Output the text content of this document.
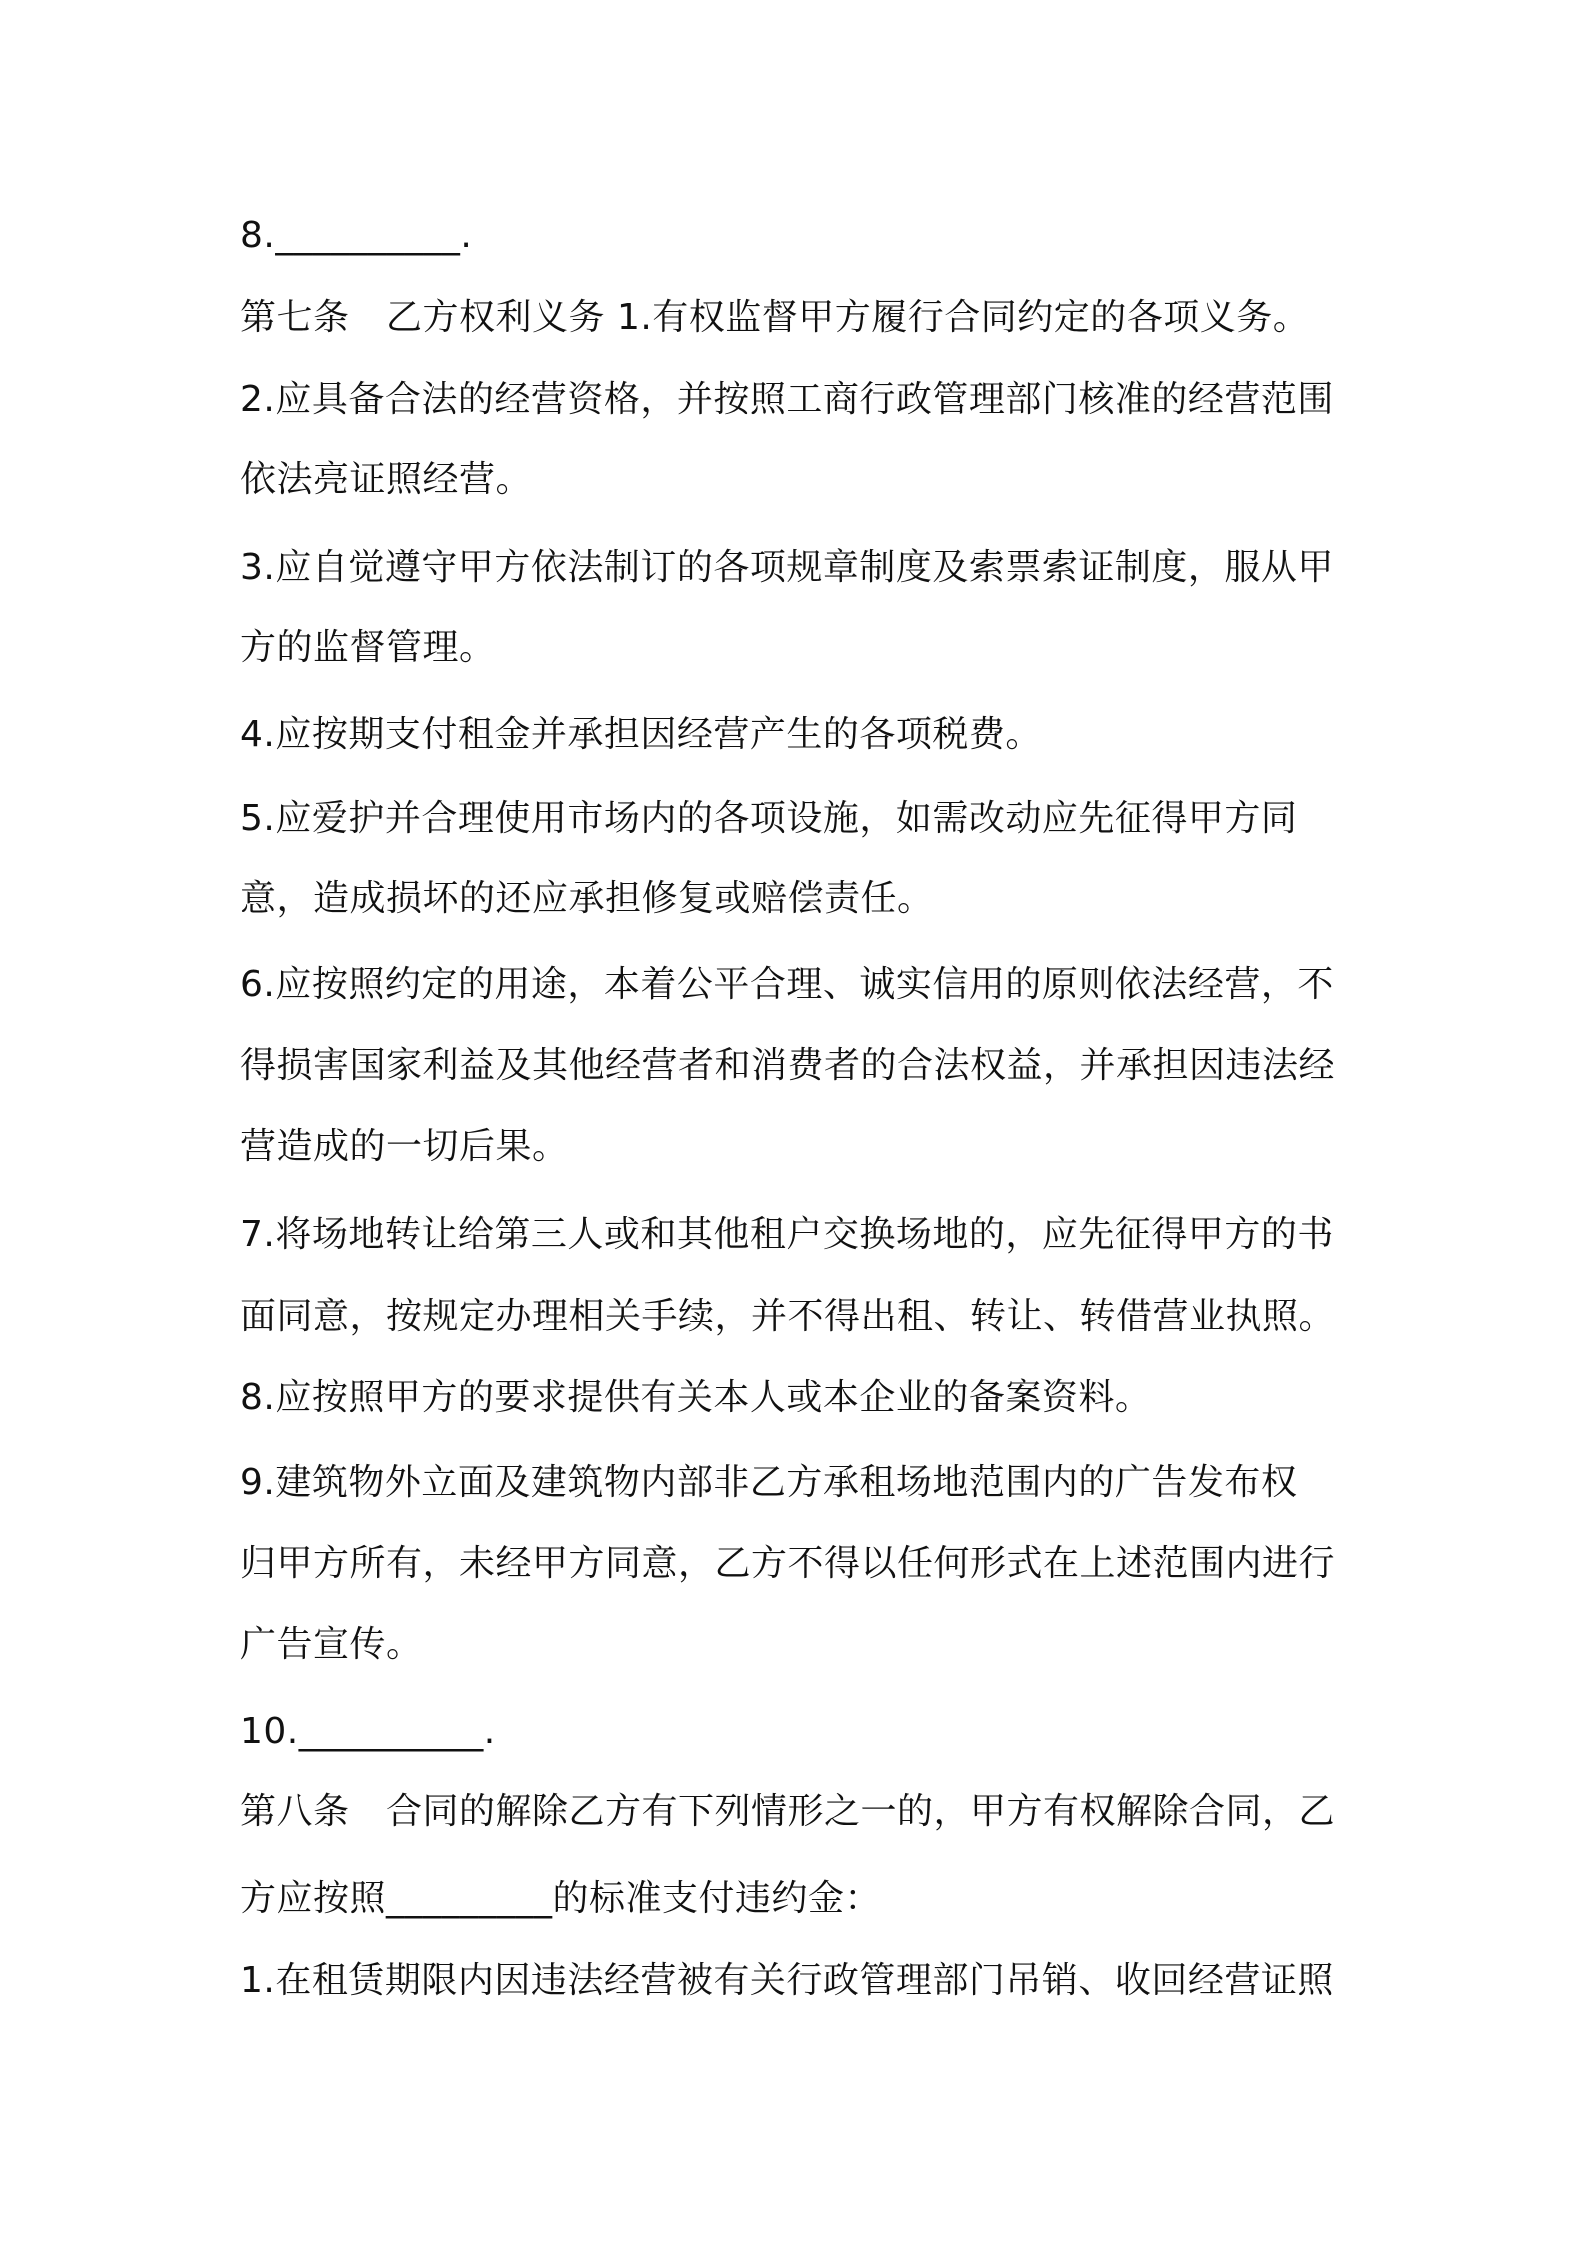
8.__________.
第七条　乙方权利义务 1.有权监督甲方履行合同约定的各项义务。
2.应具备合法的经营资格，并按照工商行政管理部门核准的经营范围
依法亮证照经营。
3.应自觉遵守甲方依法制订的各项规章制度及索票索证制度，服从甲
方的监督管理。
4.应按期支付租金并承担因经营产生的各项税费。
5.应爱护并合理使用市场内的各项设施，如需改动应先征得甲方同
意，造成损坏的还应承担修复或赔偿责任。
6.应按照约定的用途，本着公平合理、诚实信用的原则依法经营，不
得损害国家利益及其他经营者和消费者的合法权益，并承担因违法经
营造成的一切后果。
7.将场地转让给第三人或和其他租户交换场地的，应先征得甲方的书
面同意，按规定办理相关手续，并不得出租、转让、转借营业执照。
8.应按照甲方的要求提供有关本人或本企业的备案资料。
9.建筑物外立面及建筑物内部非乙方承租场地范围内的广告发布权
归甲方所有，未经甲方同意，乙方不得以任何形式在上述范围内进行
广告宣传。
10.__________.
第八条　合同的解除乙方有下列情形之一的，甲方有权解除合同，乙
方应按照_________的标准支付违约金：
1.在租赁期限内因违法经营被有关行政管理部门吊销、收回经营证照
